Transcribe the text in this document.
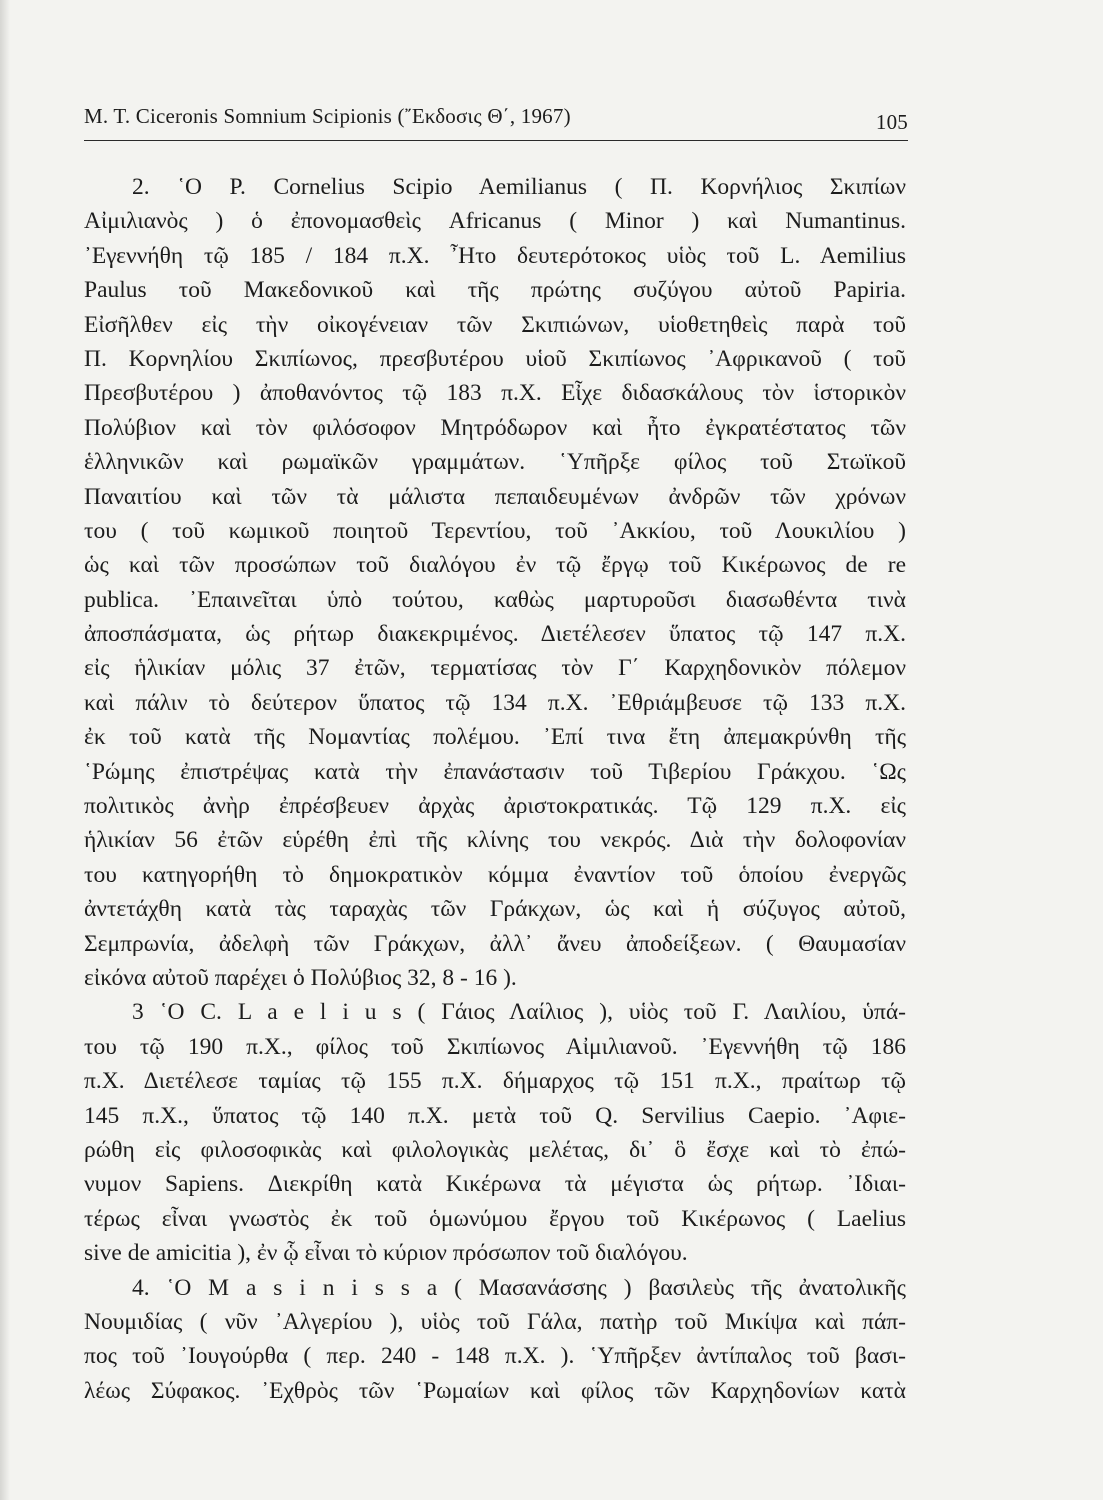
M. T. Ciceronis Somnium Scipionis (῎Εκδοσις Θ΄, 1967)	105
2. ῾Ο P. Cornelius Scipio Aemilianus ( Π. Κορνήλιος Σκιπίων
Αἰμιλιανὸς ) ὁ ἐπονομασθεὶς Africanus ( Minor ) καὶ Numantinus.
᾿Εγεννήθη τῷ 185 / 184 π.Χ. ῏Ητο δευτερότοκος υἱὸς τοῦ L. Aemilius
Paulus τοῦ Μακεδονικοῦ καὶ τῆς πρώτης συζύγου αὐτοῦ Papiria.
Εἰσῆλθεν εἰς τὴν οἰκογένειαν τῶν Σκιπιώνων, υἱοθετηθεὶς παρὰ τοῦ
Π. Κορνηλίου Σκιπίωνος, πρεσβυτέρου υἱοῦ Σκιπίωνος ᾿Αφρικανοῦ ( τοῦ
Πρεσβυτέρου ) ἀποθανόντος τῷ 183 π.Χ. Εἶχε διδασκάλους τὸν ἱστορικὸν
Πολύβιον καὶ τὸν φιλόσοφον Μητρόδωρον καὶ ἦτο ἐγκρατέστατος τῶν
ἑλληνικῶν καὶ ρωμαϊκῶν γραμμάτων. ῾Υπῆρξε φίλος τοῦ Στωϊκοῦ
Παναιτίου καὶ τῶν τὰ μάλιστα πεπαιδευμένων ἀνδρῶν τῶν χρόνων
του ( τοῦ κωμικοῦ ποιητοῦ Τερεντίου, τοῦ ᾿Ακκίου, τοῦ Λουκιλίου )
ὡς καὶ τῶν προσώπων τοῦ διαλόγου ἐν τῷ ἔργῳ τοῦ Κικέρωνος de re
publica. ᾿Επαινεῖται ὑπὸ τούτου, καθὼς μαρτυροῦσι διασωθέντα τινὰ
ἀποσπάσματα, ὡς ρήτωρ διακεκριμένος. Διετέλεσεν ὕπατος τῷ 147 π.Χ.
εἰς ἡλικίαν μόλις 37 ἐτῶν, τερματίσας τὸν Γ΄ Καρχηδονικὸν πόλεμον
καὶ πάλιν τὸ δεύτερον ὕπατος τῷ 134 π.Χ. ᾿Εθριάμβευσε τῷ 133 π.Χ.
ἐκ τοῦ κατὰ τῆς Νομαντίας πολέμου. ᾿Επί τινα ἔτη ἀπεμακρύνθη τῆς
῾Ρώμης ἐπιστρέψας κατὰ τὴν ἐπανάστασιν τοῦ Τιβερίου Γράκχου. ῾Ως
πολιτικὸς ἀνὴρ ἐπρέσβευεν ἀρχὰς ἀριστοκρατικάς. Τῷ 129 π.Χ. εἰς
ἡλικίαν 56 ἐτῶν εὑρέθη ἐπὶ τῆς κλίνης του νεκρός. Διὰ τὴν δολοφονίαν
του κατηγορήθη τὸ δημοκρατικὸν κόμμα ἐναντίον τοῦ ὁποίου ἐνεργῶς
ἀντετάχθη κατὰ τὰς ταραχὰς τῶν Γράκχων, ὡς καὶ ἡ σύζυγος αὐτοῦ,
Σεμπρωνία, ἀδελφὴ τῶν Γράκχων, ἀλλ᾿ ἄνευ ἀποδείξεων. ( Θαυμασίαν
εἰκόνα αὐτοῦ παρέχει ὁ Πολύβιος 32, 8 - 16 ).
3 ῾Ο C. L a e l i u s ( Γάιος Λαίλιος ), υἱὸς τοῦ Γ. Λαιλίου, ὑπά-
του τῷ 190 π.Χ., φίλος τοῦ Σκιπίωνος Αἰμιλιανοῦ. ᾿Εγεννήθη τῷ 186
π.Χ. Διετέλεσε ταμίας τῷ 155 π.Χ. δήμαρχος τῷ 151 π.Χ., πραίτωρ τῷ
145 π.Χ., ὕπατος τῷ 140 π.Χ. μετὰ τοῦ Q. Servilius Caepio. ᾿Αφιε-
ρώθη εἰς φιλοσοφικὰς καὶ φιλολογικὰς μελέτας, δι᾿ ὃ ἔσχε καὶ τὸ ἐπώ-
νυμον Sapiens. Διεκρίθη κατὰ Κικέρωνα τὰ μέγιστα ὡς ρήτωρ. ᾿Ιδιαι-
τέρως εἶναι γνωστὸς ἐκ τοῦ ὁμωνύμου ἔργου τοῦ Κικέρωνος ( Laelius
sive de amicitia ), ἐν ᾧ εἶναι τὸ κύριον πρόσωπον τοῦ διαλόγου.
4. ῾Ο M a s i n i s s a ( Μασανάσσης ) βασιλεὺς τῆς ἀνατολικῆς
Νουμιδίας ( νῦν ᾿Αλγερίου ), υἱὸς τοῦ Γάλα, πατὴρ τοῦ Μικίψα καὶ πάπ-
πος τοῦ ᾿Ιουγούρθα ( περ. 240 - 148 π.Χ. ). ῾Υπῆρξεν ἀντίπαλος τοῦ βασι-
λέως Σύφακος. ᾿Εχθρὸς τῶν ῾Ρωμαίων καὶ φίλος τῶν Καρχηδονίων κατὰ
